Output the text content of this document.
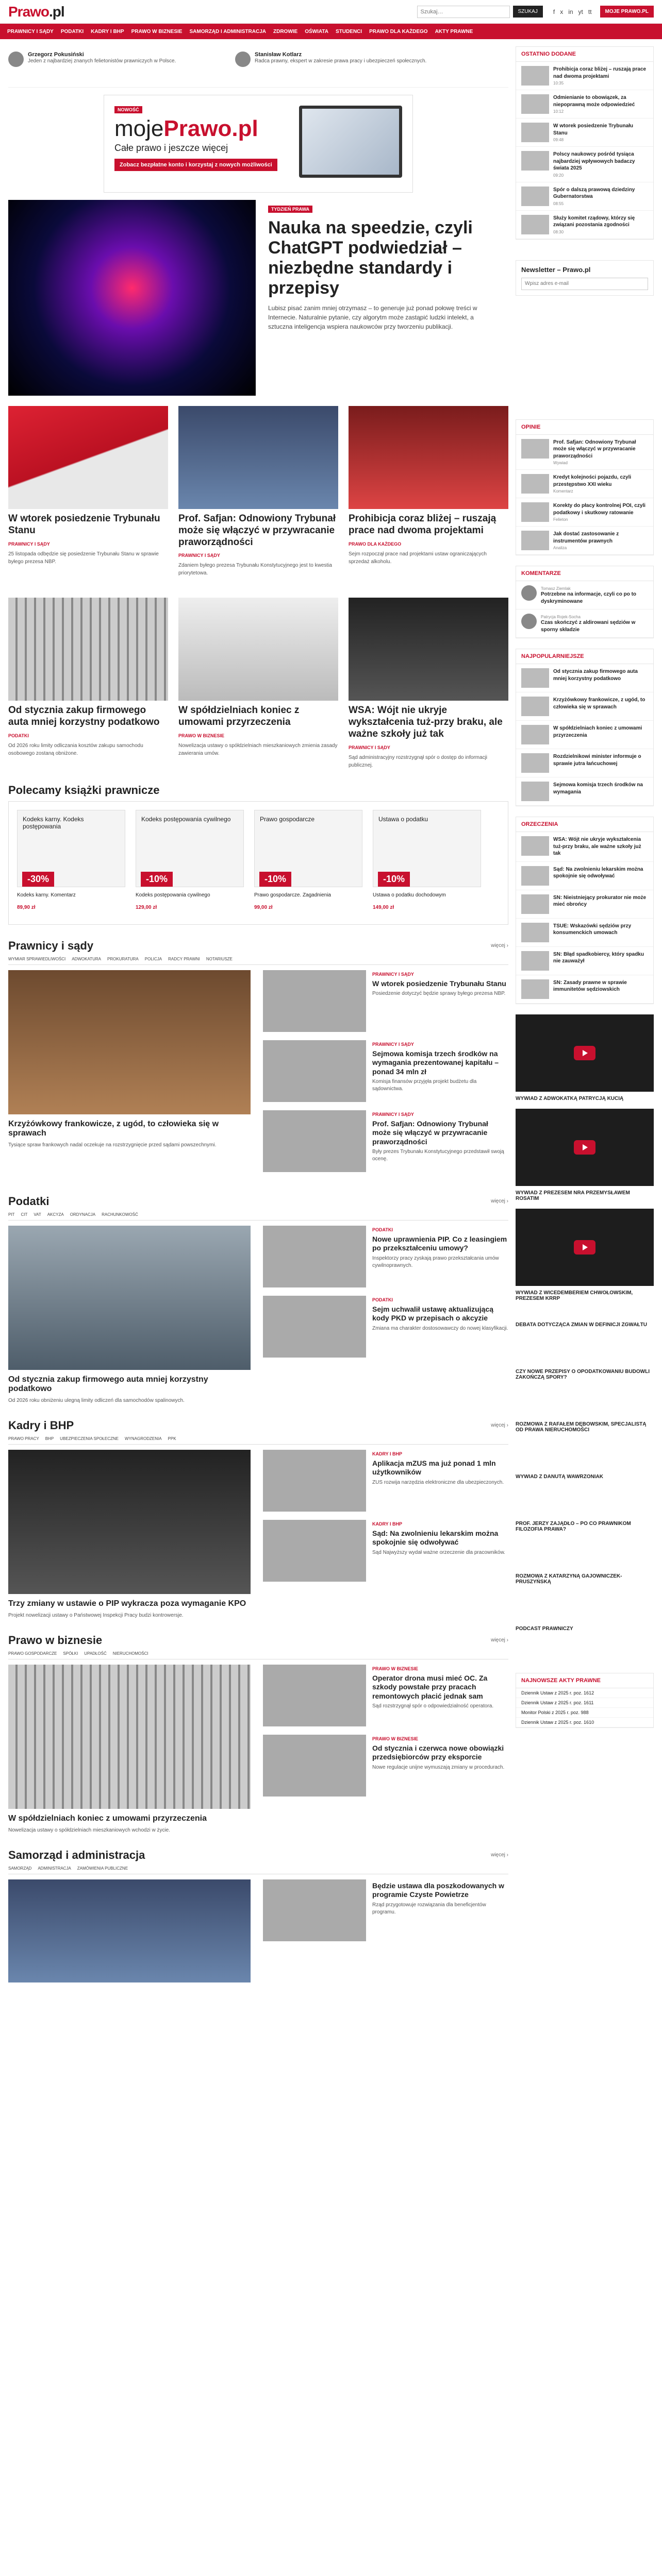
Prawo.pl
Szukaj…	SZUKAJ	f x in yt tt	MOJE PRAWO.PL
PRAWNICY I SĄDY PODATKI KADRY I BHP PRAWO W BIZNESIE SAMORZĄD I ADMINISTRACJA ZDROWIE OŚWIATA STUDENCI PRAWO DLA KAŻDEGO AKTY PRAWNE
Grzegorz Pokusiński

Jeden z najbardziej znanych felietonistów prawniczych w Polsce.

Stanisław Kotlarz

Radca prawny, ekspert w zakresie prawa pracy i ubezpieczeń społecznych.

NOWOŚĆ
mojePrawo.pl
Całe prawo i jeszcze więcej
Zobacz bezpłatne konto i korzystaj z nowych możliwości
TYDZIEŃ PRAWA
Nauka na speedzie, czyli ChatGPT podwiedział – niezbędne standardy i przepisy

Lubisz pisać zanim mniej otrzymasz – to generuje już ponad połowę treści w Internecie. Naturalnie pytanie, czy algorytm może zastąpić ludzki intelekt, a sztuczna inteligencja wspiera naukowców przy tworzeniu publikacji.

W wtorek posiedzenie Trybunału Stanu
PRAWNICY I SĄDY

25 listopada odbędzie się posiedzenie Trybunału Stanu w sprawie byłego prezesa NBP.

Prof. Safjan: Odnowiony Trybunał może się włączyć w przywracanie praworządności
PRAWNICY I SĄDY

Zdaniem byłego prezesa Trybunału Konstytucyjnego jest to kwestia priorytetowa.

Prohibicja coraz bliżej – ruszają prace nad dwoma projektami
PRAWO DLA KAŻDEGO

Sejm rozpoczął prace nad projektami ustaw ograniczających sprzedaż alkoholu.

Od stycznia zakup firmowego auta mniej korzystny podatkowo
PODATKI

Od 2026 roku limity odliczania kosztów zakupu samochodu osobowego zostaną obniżone.

W spółdzielniach koniec z umowami przyrzeczenia
PRAWO W BIZNESIE

Nowelizacja ustawy o spółdzielniach mieszkaniowych zmienia zasady zawierania umów.

WSA: Wójt nie ukryje wykształcenia tuż-przy braku, ale ważne szkoły już tak
PRAWNICY I SĄDY

Sąd administracyjny rozstrzygnął spór o dostęp do informacji publicznej.

Polecamy książki prawnicze
Kodeks karny. Kodeks postępowania
-30%
Kodeks karny. Komentarz
89,90 zł
Kodeks postępowania cywilnego
-10%
Kodeks postępowania cywilnego
129,00 zł
Prawo gospodarcze
-10%
Prawo gospodarcze. Zagadnienia
99,00 zł
Ustawa o podatku
-10%
Ustawa o podatku dochodowym
149,00 zł
Prawnicy i sądy	więcej ›
WYMIAR SPRAWIEDLIWOŚCI ADWOKATURA PROKURATURA POLICJA RADCY PRAWNI NOTARIUSZE
Krzyżówkowy frankowicze, z ugód, to człowieka się w sprawach

Tysiące spraw frankowych nadal oczekuje na rozstrzygnięcie przed sądami powszechnymi.

PRAWNICY I SĄDY
W wtorek posiedzenie Trybunału Stanu

Posiedzenie dotyczyć będzie sprawy byłego prezesa NBP.

PRAWNICY I SĄDY
Sejmowa komisja trzech środków na wymagania prezentowanej kapitału – ponad 34 mln zł

Komisja finansów przyjęła projekt budżetu dla sądownictwa.

PRAWNICY I SĄDY
Prof. Safjan: Odnowiony Trybunał może się włączyć w przywracanie praworządności

Były prezes Trybunału Konstytucyjnego przedstawił swoją ocenę.

Podatki	więcej ›
PIT CIT VAT AKCYZA ORDYNACJA RACHUNKOWOŚĆ
Od stycznia zakup firmowego auta mniej korzystny podatkowo

Od 2026 roku obniżeniu ulegną limity odliczeń dla samochodów spalinowych.

PODATKI
Nowe uprawnienia PIP. Co z leasingiem po przekształceniu umowy?

Inspektorzy pracy zyskają prawo przekształcania umów cywilnoprawnych.

PODATKI
Sejm uchwalił ustawę aktualizującą kody PKD w przepisach o akcyzie

Zmiana ma charakter dostosowawczy do nowej klasyfikacji.

Kadry i BHP	więcej ›
PRAWO PRACY BHP UBEZPIECZENIA SPOŁECZNE WYNAGRODZENIA PPK
Trzy zmiany w ustawie o PIP wykracza poza wymaganie KPO

Projekt nowelizacji ustawy o Państwowej Inspekcji Pracy budzi kontrowersje.

KADRY I BHP
Aplikacja mZUS ma już ponad 1 mln użytkowników

ZUS rozwija narzędzia elektroniczne dla ubezpieczonych.

KADRY I BHP
Sąd: Na zwolnieniu lekarskim można spokojnie się odwoływać

Sąd Najwyższy wydał ważne orzeczenie dla pracowników.

Prawo w biznesie	więcej ›
PRAWO GOSPODARCZE SPÓŁKI UPADŁOŚĆ NIERUCHOMOŚCI
W spółdzielniach koniec z umowami przyrzeczenia

Nowelizacja ustawy o spółdzielniach mieszkaniowych wchodzi w życie.

PRAWO W BIZNESIE
Operator drona musi mieć OC. Za szkody powstałe przy pracach remontowych płacić jednak sam

Sąd rozstrzygnął spór o odpowiedzialność operatora.

PRAWO W BIZNESIE
Od stycznia i czerwca nowe obowiązki przedsiębiorców przy eksporcie

Nowe regulacje unijne wymuszają zmiany w procedurach.

Samorząd i administracja	więcej ›
SAMORZĄD ADMINISTRACJA ZAMÓWIENIA PUBLICZNE
Będzie ustawa dla poszkodowanych w programie Czyste Powietrze

Rząd przygotowuje rozwiązania dla beneficjentów programu.

OSTATNIO DODANE
Prohibicja coraz bliżej – ruszają prace nad dwoma projektami
10:35
Odmienianie to obowiązek, za niepoprawną może odpowiedzieć
10:12
W wtorek posiedzenie Trybunału Stanu
09:48
Polscy naukowcy pośród tysiąca najbardziej wpływowych badaczy świata 2025
09:20
Spór o dalszą prawową dziedziny Gubernatorstwa
08:55
Służy komitet rządowy, którzy się związani pozostania zgodności
08:30
Newsletter – Prawo.pl Wpisz adres e-mail
OPINIE
Prof. Safjan: Odnowiony Trybunał może się włączyć w przywracanie praworządności
Wywiad
Kredyt kolejności pojazdu, czyli przestępstwo XXI wieku
Komentarz
Korekty do płacy kontrolnej POI, czyli podatkowy i skutkowy ratowanie
Felieton
Jak dostać zastosowanie z instrumentów prawnych
Analiza
KOMENTARZE
Tomasz Ziemlak
Potrzebne na informacje, czyli co po to dyskryminowane
Patrycja Rojek-Socha
Czas skończyć z aldirowani sędziów w sporny składzie
NAJPOPULARNIEJSZE
Od stycznia zakup firmowego auta mniej korzystny podatkowo
Krzyżówkowy frankowicze, z ugód, to człowieka się w sprawach
W spółdzielniach koniec z umowami przyrzeczenia
Rozdzielnikowi minister informuje o sprawie jutra łańcuchowej
Sejmowa komisja trzech środków na wymagania
ORZECZENIA
WSA: Wójt nie ukryje wykształcenia tuż-przy braku, ale ważne szkoły już tak
Sąd: Na zwolnieniu lekarskim można spokojnie się odwoływać
SN: Nieistniejący prokurator nie może mieć obrońcy
TSUE: Wskazówki sędziów przy konsumenckich umowach
SN: Błąd spadkobiercy, który spadku nie zauważył
SN: Zasady prawne w sprawie immunitetów sędziowskich
WYWIAD Z ADWOKATKĄ PATRYCJĄ KUCIĄ
WYWIAD Z PREZESEM NRA PRZEMYSŁAWEM ROSATIM
WYWIAD Z WICEDEMBERIEM CHWOŁOWSKIM, PREZESEM KRRP
DEBATA DOTYCZĄCA ZMIAN W DEFINICJI ZGWAŁTU
CZY NOWE PRZEPISY O OPODATKOWANIU BUDOWLI ZAKOŃCZĄ SPORY?
ROZMOWA Z RAFAŁEM DĘBOWSKIM, SPECJALISTĄ OD PRAWA NIERUCHOMOŚCI
WYWIAD Z DANUTĄ WAWRZONIAK
PROF. JERZY ZAJĄDŁO – PO CO PRAWNIKOM FILOZOFIA PRAWA?
ROZMOWA Z KATARZYNĄ GAJOWNICZEK-PRUSZYŃSKĄ
PODCAST PRAWNICZY
NAJNOWSZE AKTY PRAWNE
Dziennik Ustaw z 2025 r. poz. 1612
Dziennik Ustaw z 2025 r. poz. 1611
Monitor Polski z 2025 r. poz. 988
Dziennik Ustaw z 2025 r. poz. 1610
